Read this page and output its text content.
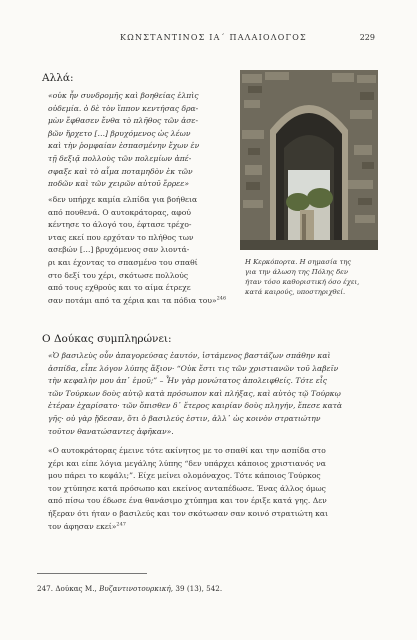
ΚΩΝΣΤΑΝΤΙΝΟΣ ΙΑ΄ ΠΑΛΑΙΟΛΟΓΟΣ	229
Αλλά:
«οὐκ ἦν συνδρομῆς καὶ βοηθείας ἐλπὶς
οὐδεμία. ὁ δὲ τὸν ἵππον κεντήσας δρα-
μὼν ἔφθασεν ἔνθα τὸ πλῆθος τῶν ἀσε-
βῶν ἤρχετο […] βρυχόμενος ὡς λέων
καὶ τὴν ῥομφαίαν ἐσπασμένην ἔχων ἐν
τῇ δεξιᾷ πολλοὺς τῶν πολεμίων ἀπέ-
σφαξε καὶ τὸ αἷμα ποταμηδὸν ἐκ τῶν
ποδῶν καὶ τῶν χειρῶν αὐτοῦ ἔρρεε»
«δεν υπήρχε καμία ελπίδα για βοήθεια
από πουθενά. Ο αυτοκράτορας, αφού
κέντησε το άλογό του, έφτασε τρέχο-
ντας εκεί που ερχόταν το πλήθος των
ασεβών […] βρυχόμενος σαν λιοντά-
ρι και έχοντας το σπασμένο του σπαθί
στο δεξί του χέρι, σκότωσε πολλούς
από τους εχθρούς και το αίμα έτρεχε
σαν ποτάμι από τα χέρια και τα πόδια του»$^{246}$
Η Κερκόπορτα. Η σημασία της
για την άλωση της Πόλης δεν
ήταν τόσο καθοριστική όσο έχει,
κατά καιρούς, υποστηριχθεί.
Ο Δούκας συμπληρώνει:
«Ὁ βασιλεὺς οὖν ἀπαγορεύσας ἑαυτόν, ἱστάμενος βαστάζων σπάθην καὶ
ἀσπίδα, εἶπε λόγον λύπης ἄξιον· “Οὐκ ἔστι τις τῶν χριστιανῶν τοῦ λαβεῖν
τὴν κεφαλὴν μου ἀπ᾽ ἐμοῦ;” – Ἦν γὰρ μονώτατος ἀπολειφθείς. Τότε εἷς
τῶν Τούρκων δοὺς αὐτῷ κατὰ πρόσωπον καὶ πλήξας, καὶ αὐτὸς τῷ Τούρκῳ
ἑτέραν ἐχαρίσατο· τῶν ὄπισθεν δ᾽ ἕτερος καιρίαν δοὺς πληγήν, ἔπεσε κατὰ
γῆς· οὐ γὰρ ᾔδεσαν, ὅτι ὁ βασιλεύς ἐστιν, ἀλλ᾽ ὡς κοινὸν στρατιώτην
τοῦτον θανατώσαντες ἀφῆκαν».
«Ο αυτοκράτορας έμεινε τότε ακίνητος με το σπαθί και την ασπίδα στο
χέρι και είπε λόγια μεγάλης λύπης “δεν υπάρχει κάποιος χριστιανός να
μου πάρει το κεφάλι;”. Είχε μείνει ολομόναχος. Τότε κάποιος Τούρκος
τον χτύπησε κατά πρόσωπο και εκείνος ανταπέδωσε. Ένας άλλος όμως
από πίσω του έδωσε ένα θανάσιμο χτύπημα και τον έριξε κατά γης. Δεν
ήξεραν ότι ήταν ο βασιλεύς και τον σκότωσαν σαν κοινό στρατιώτη και
τον άφησαν εκεί»$^{247}$
247. Δούκας Μ., Βυζαντινοτουρκική, 39 (13), 542.
